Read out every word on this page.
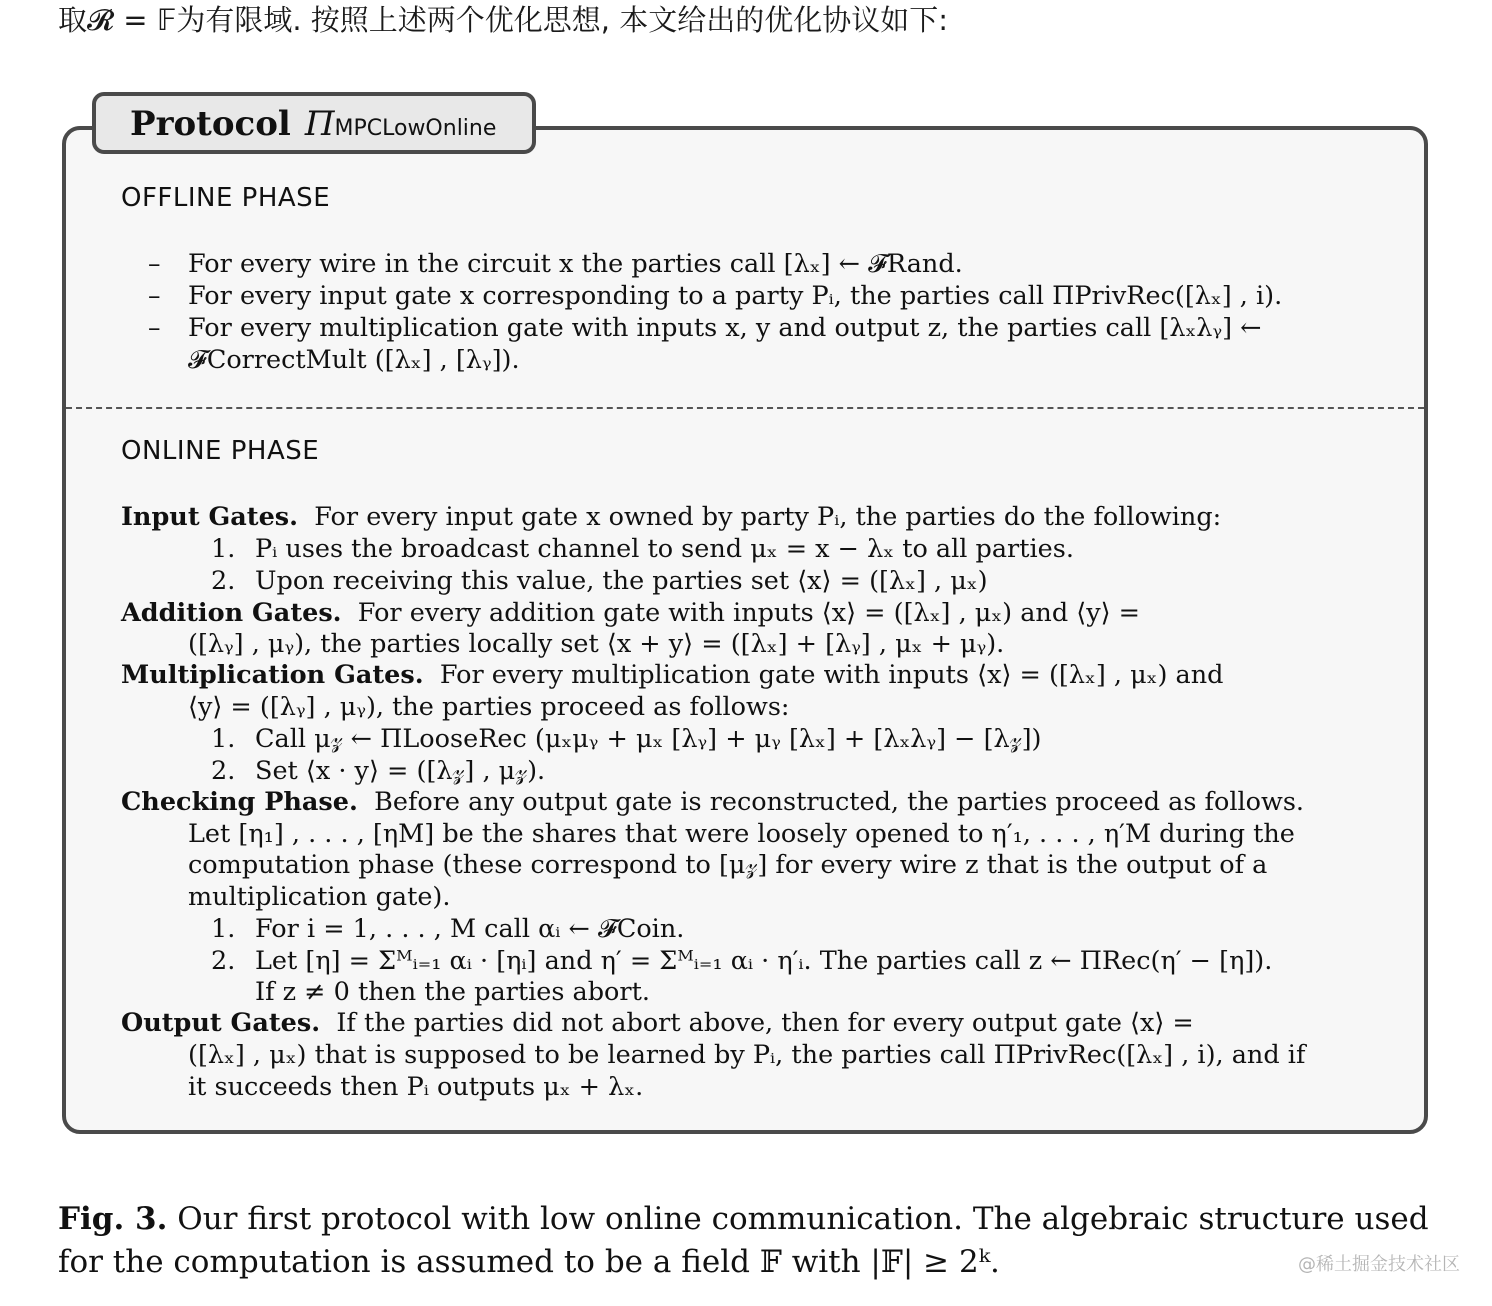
取𝓡 = 𝔽为有限域. 按照上述两个优化思想, 本文给出的优化协议如下:
Protocol ΠMPCLowOnline
OFFLINE PHASE
– For every wire in the circuit x the parties call [λₓ] ← 𝓕Rand.
– For every input gate x corresponding to a party Pᵢ, the parties call ΠPrivRec([λₓ] , i).
– For every multiplication gate with inputs x, y and output z, the parties call [λₓλᵧ] ←
𝓕CorrectMult ([λₓ] , [λᵧ]).
ONLINE PHASE
Input Gates. For every input gate x owned by party Pᵢ, the parties do the following:
1. Pᵢ uses the broadcast channel to send μₓ = x − λₓ to all parties.
2. Upon receiving this value, the parties set ⟨x⟩ = ([λₓ] , μₓ)
Addition Gates. For every addition gate with inputs ⟨x⟩ = ([λₓ] , μₓ) and ⟨y⟩ =
([λᵧ] , μᵧ), the parties locally set ⟨x + y⟩ = ([λₓ] + [λᵧ] , μₓ + μᵧ).
Multiplication Gates. For every multiplication gate with inputs ⟨x⟩ = ([λₓ] , μₓ) and
⟨y⟩ = ([λᵧ] , μᵧ), the parties proceed as follows:
1. Call μ𝓏 ← ΠLooseRec (μₓμᵧ + μₓ [λᵧ] + μᵧ [λₓ] + [λₓλᵧ] − [λ𝓏])
2. Set ⟨x · y⟩ = ([λ𝓏] , μ𝓏).
Checking Phase. Before any output gate is reconstructed, the parties proceed as follows.
Let [η₁] , . . . , [ηM] be the shares that were loosely opened to η′₁, . . . , η′M during the
computation phase (these correspond to [μ𝓏] for every wire z that is the output of a
multiplication gate).
1. For i = 1, . . . , M call αᵢ ← 𝓕Coin.
2. Let [η] = Σᴹᵢ₌₁ αᵢ · [ηᵢ] and η′ = Σᴹᵢ₌₁ αᵢ · η′ᵢ. The parties call z ← ΠRec(η′ − [η]).
If z ≠ 0 then the parties abort.
Output Gates. If the parties did not abort above, then for every output gate ⟨x⟩ =
([λₓ] , μₓ) that is supposed to be learned by Pᵢ, the parties call ΠPrivRec([λₓ] , i), and if
it succeeds then Pᵢ outputs μₓ + λₓ.
Fig. 3. Our first protocol with low online communication. The algebraic structure used
for the computation is assumed to be a field 𝔽 with |𝔽| ≥ 2ᵏ.	@稀土掘金技术社区
